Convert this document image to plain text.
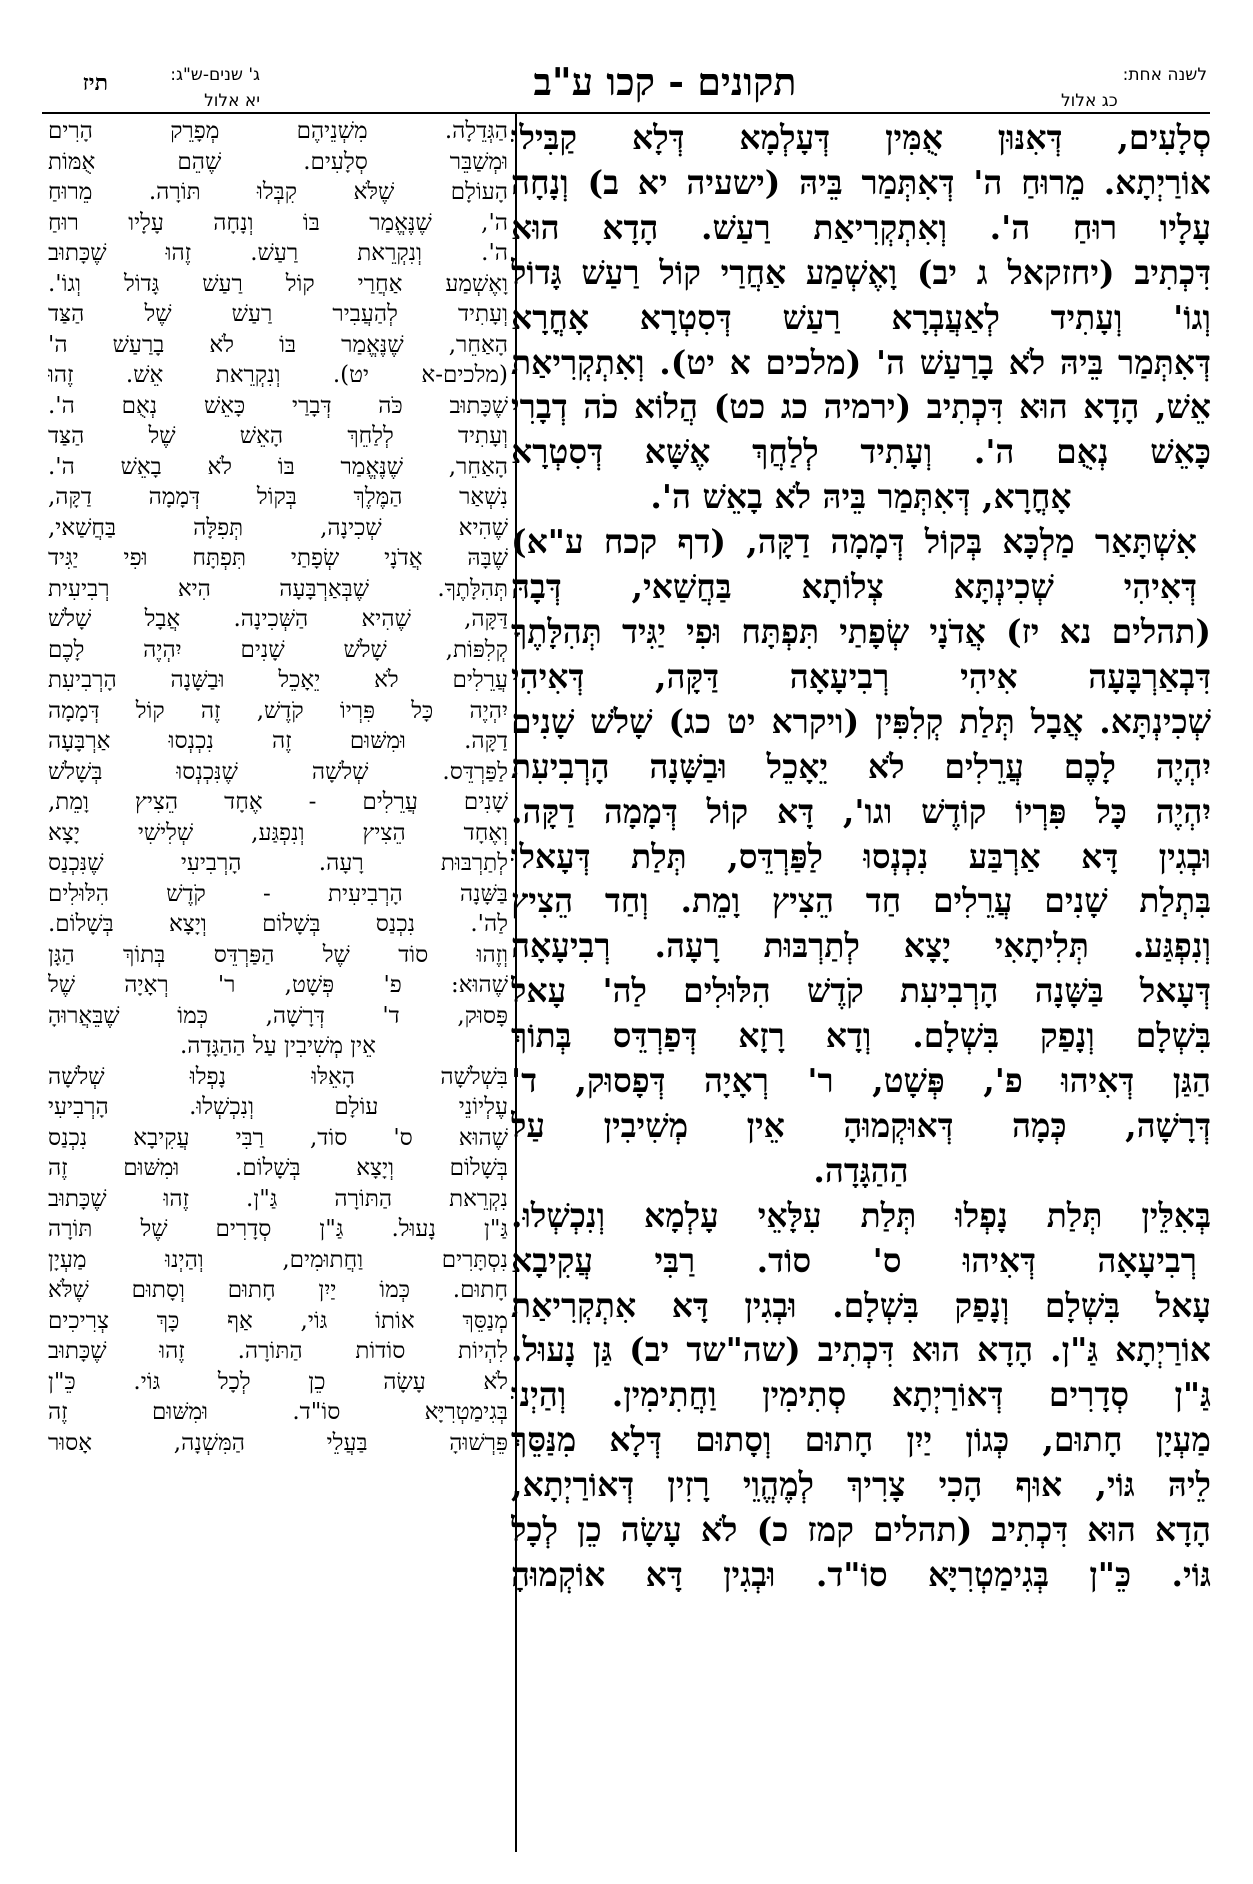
לשנה אחת:
כג אלול
תקונים - קכו ע"ב
ג' שנים-ש"ג:
יא אלול
תיז
סְלָעִים, דְּאִנּוּן אֻמִּין דְּעָלְמָא דְּלָא קַבִּילוּ
אוֹרַיְתָא. מֵרוּחַ ה' דְּאִתְּמַר בֵּיהּ (ישעיה יא ב) וְנָחָה
עָלָיו רוּחַ ה'. וְאִתְקְרִיאַת רַעַשׁ. הָדָא הוּא
דִּכְתִיב (יחזקאל ג יב) וָאֶשְׁמַע אַחֲרַי קוֹל רַעַשׁ גָּדוֹל
וְגוֹ' וְעָתִיד לְאַעֲבְרָא רַעַשׁ דְּסִטְרָא אָחֳרָא
דְּאִתְּמַר בֵּיהּ לֹא בָרַעַשׁ ה' (מלכים א יט). וְאִתְקְרִיאַת
אֵשׁ, הָדָא הוּא דִּכְתִיב (ירמיה כג כט) הֲלוֹא כֹה דְבָרִי
כָּאֵשׁ נְאֻם ה'. וְעָתִיד לְלַחֲךְ אֶשָּׁא דְּסִטְרָא
אָחֳרָא, דְּאִתְּמַר בֵּיהּ לֹא בָאֵשׁ ה'.
אִשְׁתָּאַר מַלְכָּא בְּקוֹל דְּמָמָה דַקָּה, (דף קכח ע"א)
דְּאִיהִי שְׁכִינְתָּא צְלוֹתָא בַּחֲשַׁאי, דְּבָהּ
(תהלים נא יז) אֲדֹנָי שְׂפָתַי תִּפְתָּח וּפִי יַגִּיד תְּהִלָּתֶךָ
דִּבְאַרְבָּעָה אִיהִי רְבִיעָאָה דַּקָּה, דְּאִיהִי
שְׁכִינְתָּא. אֲבָל תְּלַת קְלִפִּין (ויקרא יט כג) שָׁלֹשׁ שָׁנִים
יִהְיֶה לָכֶם עֲרֵלִים לֹא יֵאָכֵל וּבַשָּׁנָה הָרְבִיעִת
יִהְיֶה כָּל פִּרְיוֹ קוֹדֶשׁ וגו', דָּא קוֹל דְּמָמָה דַקָּה.
וּבְגִין דָּא אַרְבַּע נִכְנְסוּ לַפַּרְדֵּס, תְּלַת דְּעָאלוּ
בִּתְלַת שָׁנִים עֲרֵלִים חַד הֵצִיץ וָמֵת. וְחַד הֵצִיץ
וְנִפְגַּע. תְּלִיתָאִי יָצָא לְתַרְבּוּת רָעָה. רְבִיעָאָה
דְּעָאל בַּשָּׁנָה הָרְבִיעִת קֹדֶשׁ הִלּוּלִים לַה' עָאל
בִּשְׁלָם וְנָפַק בִּשְׁלָם. וְדָא רָזָא דְּפַרְדֵּס בְּתוֹךְ
הַגַּן דְּאִיהוּ פ', פְּשָׁט, ר' רְאָיָה דְּפָסוּק, ד'
דְּרָשָׁה, כְּמָה דְּאוּקְמוּהָ אֵין מְשִׁיבִין עַל
הַהַגָּדָה.
בְּאִלֵּין תְּלַת נָפְלוּ תְּלַת עִלָּאֵי עָלְמָא וְנִכְשְׁלוּ.
רְבִיעָאָה דְּאִיהוּ ס' סוֹד. רַבִּי עֲקִיבָא
עָאל בִּשְׁלָם וְנָפַק בִּשְׁלָם. וּבְגִין דָּא אִתְקְרִיאַת
אוֹרַיְתָא גַּ"ן. הָדָא הוּא דִּכְתִיב (שה"שד יב) גַּן נָעוּל.
גַּ"ן סְדָרִים דְּאוֹרַיְתָא סְתִימִין וַחֲתִימִין. וְהַיְנוּ
מַעְיָן חָתוּם, כְּגוֹן יַיִן חָתוּם וְסָתוּם דְּלָא מִנַּסֵּךְ
לֵיהּ גּוֹי, אוּף הָכִי צָרִיךְ לְמֶהֱוֵי רָזִין דְּאוֹרַיְתָא,
הָדָא הוּא דִּכְתִיב (תהלים קמז כ) לֹא עָשָׂה כֵן לְכָל
גּוֹי. כֵּ"ן בְּגִימַטְרִיָּא סוֹ"ד. וּבְגִין דָּא אוֹקְמוּהָ
הַגְּדֵלָה. מִשְׁנֵיהֶם מְפָרֵק הָרִים
וּמְשַׁבֵּר סְלָעִים. שֶׁהֵם אֻמּוֹת
הָעוֹלָם שֶׁלֹּא קִבְּלוּ תּוֹרָה. מֵרוּחַ
ה', שֶׁנֶּאֱמַר בּוֹ וְנָחָה עָלָיו רוּחַ
ה'. וְנִקְרֵאת רַעַשׁ. זֶהוּ שֶׁכָּתוּב
וָאֶשְׁמַע אַחֲרַי קוֹל רַעַשׁ גָּדוֹל וְגוֹ'.
וְעָתִיד לְהַעֲבִיר רַעַשׁ שֶׁל הַצַּד
הָאַחֵר, שֶׁנֶּאֱמַר בּוֹ לֹא בָרַעַשׁ ה'
(מלכים-א יט). וְנִקְרֵאת אֵשׁ. זֶהוּ
שֶׁכָּתוּב כֹּה דְּבָרַי כָּאֵשׁ נְאֻם ה'.
וְעָתִיד לְלַחֵךְ הָאֵשׁ שֶׁל הַצַּד
הָאַחֵר, שֶׁנֶּאֱמַר בּוֹ לֹא בָאֵשׁ ה'.
נִשְׁאַר הַמֶּלֶךְ בְּקוֹל דְּמָמָה דַקָּה,
שֶׁהִיא שְׁכִינָה, תְּפִלָּה בַּחֲשַׁאי,
שֶׁבָּהּ אֲדֹנָי שְׂפָתַי תִּפְתָּח וּפִי יַגִּיד
תְּהִלָּתֶךָ. שֶׁבְּאַרְבָּעָה הִיא רְבִיעִית
דַּקָּה, שֶׁהִיא הַשְּׁכִינָה. אֲבָל שָׁלֹשׁ
קְלִפּוֹת, שָׁלֹשׁ שָׁנִים יִהְיֶה לָכֶם
עֲרֵלִים לֹא יֵאָכֵל וּבַשָּׁנָה הָרְבִיעִת
יִהְיֶה כָּל פִּרְיוֹ קֹדֶשׁ, זֶה קוֹל דְּמָמָה
דַקָּה. וּמִשּׁוּם זֶה נִכְנְסוּ אַרְבָּעָה
לַפַּרְדֵּס. שְׁלֹשָׁה שֶׁנִּכְנְסוּ בְּשָׁלֹשׁ
שָׁנִים עֲרֵלִים - אֶחָד הֵצִיץ וָמֵת,
וְאֶחָד הֵצִיץ וְנִפְגַּע, שְׁלִישִׁי יָצָא
לְתַרְבּוּת רָעָה. הָרְבִיעִי שֶׁנִּכְנַס
בַּשָּׁנָה הָרְבִיעִית - קֹדֶשׁ הִלּוּלִים
לַה'. נִכְנַס בְּשָׁלוֹם וְיָצָא בְּשָׁלוֹם.
וְזֶהוּ סוֹד שֶׁל הַפַּרְדֵּס בְּתוֹךְ הַגָּן
שֶׁהוּא: פ' פְּשָׁט, ר' רְאָיָה שֶׁל
פָּסוּק, ד' דְּרָשָׁה, כְּמוֹ שֶׁבֵּאֲרוּהָ
אֵין מְשִׁיבִין עַל הַהַגָּדָה.
בִּשְׁלֹשָׁה הָאֵלּוּ נָפְלוּ שְׁלֹשָׁה
עֶלְיוֹנֵי עוֹלָם וְנִכְשְׁלוּ. הָרְבִיעִי
שֶׁהוּא ס' סוֹד, רַבִּי עֲקִיבָא נִכְנַס
בְּשָׁלוֹם וְיָצָא בְּשָׁלוֹם. וּמִשּׁוּם זֶה
נִקְרֵאת הַתּוֹרָה גַּ"ן. זֶהוּ שֶׁכָּתוּב
גַּ"ן נָעוּל. גַּ"ן סְדָרִים שֶׁל תּוֹרָה
נִסְתָּרִים וַחֲתוּמִים, וְהַיְנוּ מַעְיָן
חָתוּם. כְּמוֹ יַיִן חָתוּם וְסָתוּם שֶׁלֹּא
מְנַסֵּךְ אוֹתוֹ גּוֹי, אַף כָּךְ צְרִיכִים
לִהְיוֹת סוֹדוֹת הַתּוֹרָה. זֶהוּ שֶׁכָּתוּב
לֹא עָשָׂה כֵן לְכָל גּוֹי. כֵּ"ן
בְּגִימַטְרִיָּא סוֹ"ד. וּמִשּׁוּם זֶה
פֵּרְשׁוּהָ בַּעֲלֵי הַמִּשְׁנָה, אָסוּר
